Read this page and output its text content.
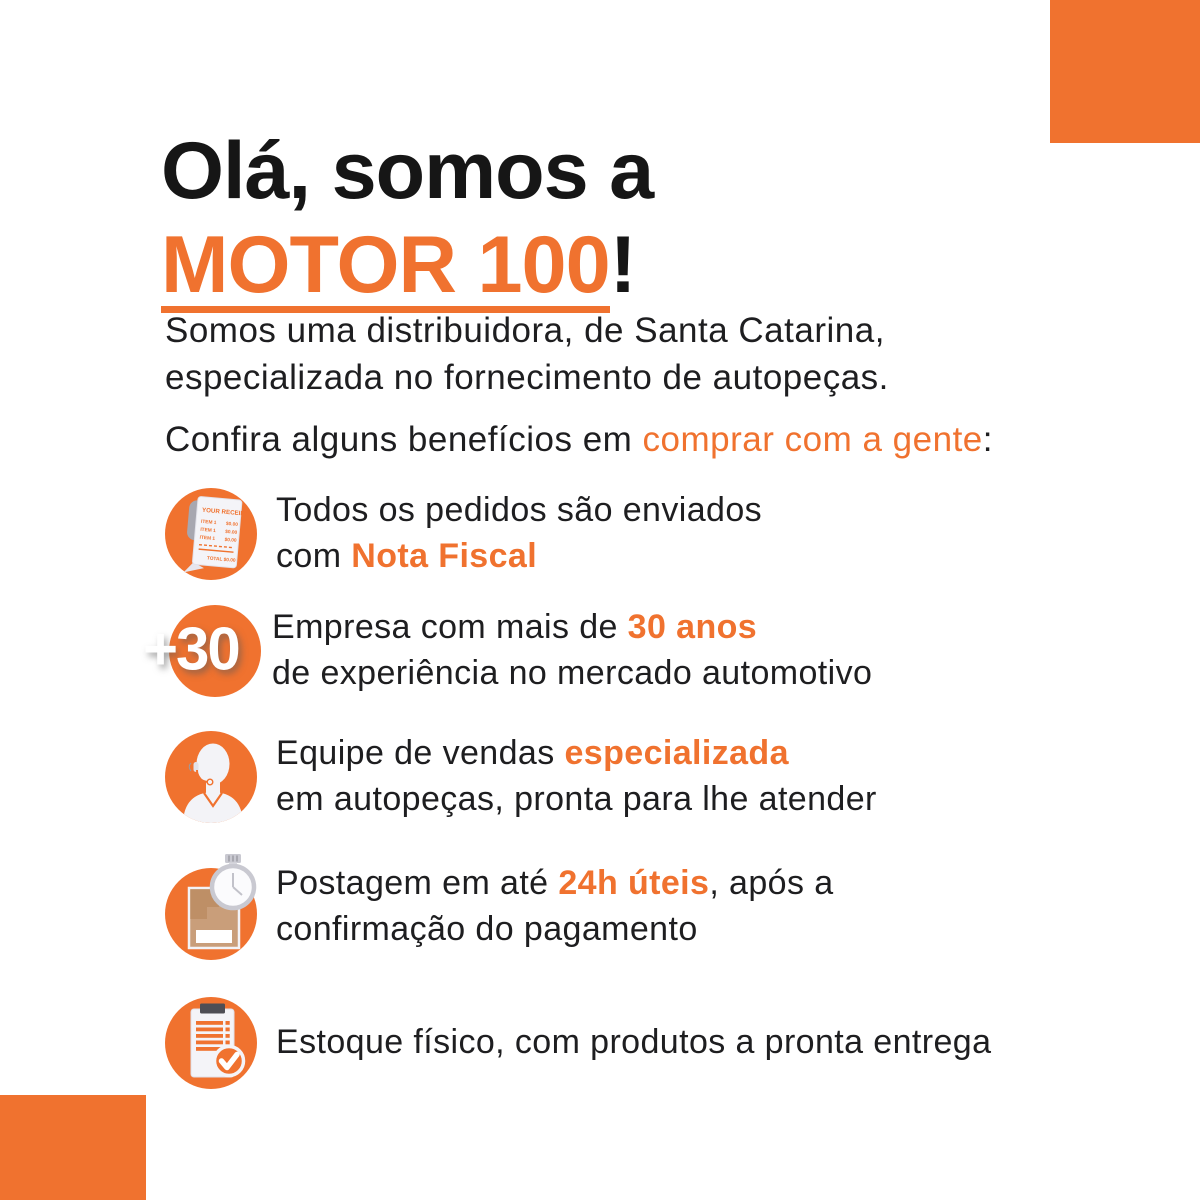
Olá, somos a
MOTOR 100!

Somos uma distribuidora, de Santa Catarina,
especializada no fornecimento de autopeças.

Confira alguns benefícios em comprar com a gente:

YOUR RECEIPT
ITEM 1 $0.00
ITEM 1 $0.00
ITEM 1 $0.00
TOTAL $0.00

Todos os pedidos são enviados

com Nota Fiscal

+30 Empresa com mais de 30 anos

de experiência no mercado automotivo

Equipe de vendas especializada

em autopeças, pronta para lhe atender

Postagem em até 24h úteis, após a

confirmação do pagamento

Estoque físico, com produtos a pronta entrega
